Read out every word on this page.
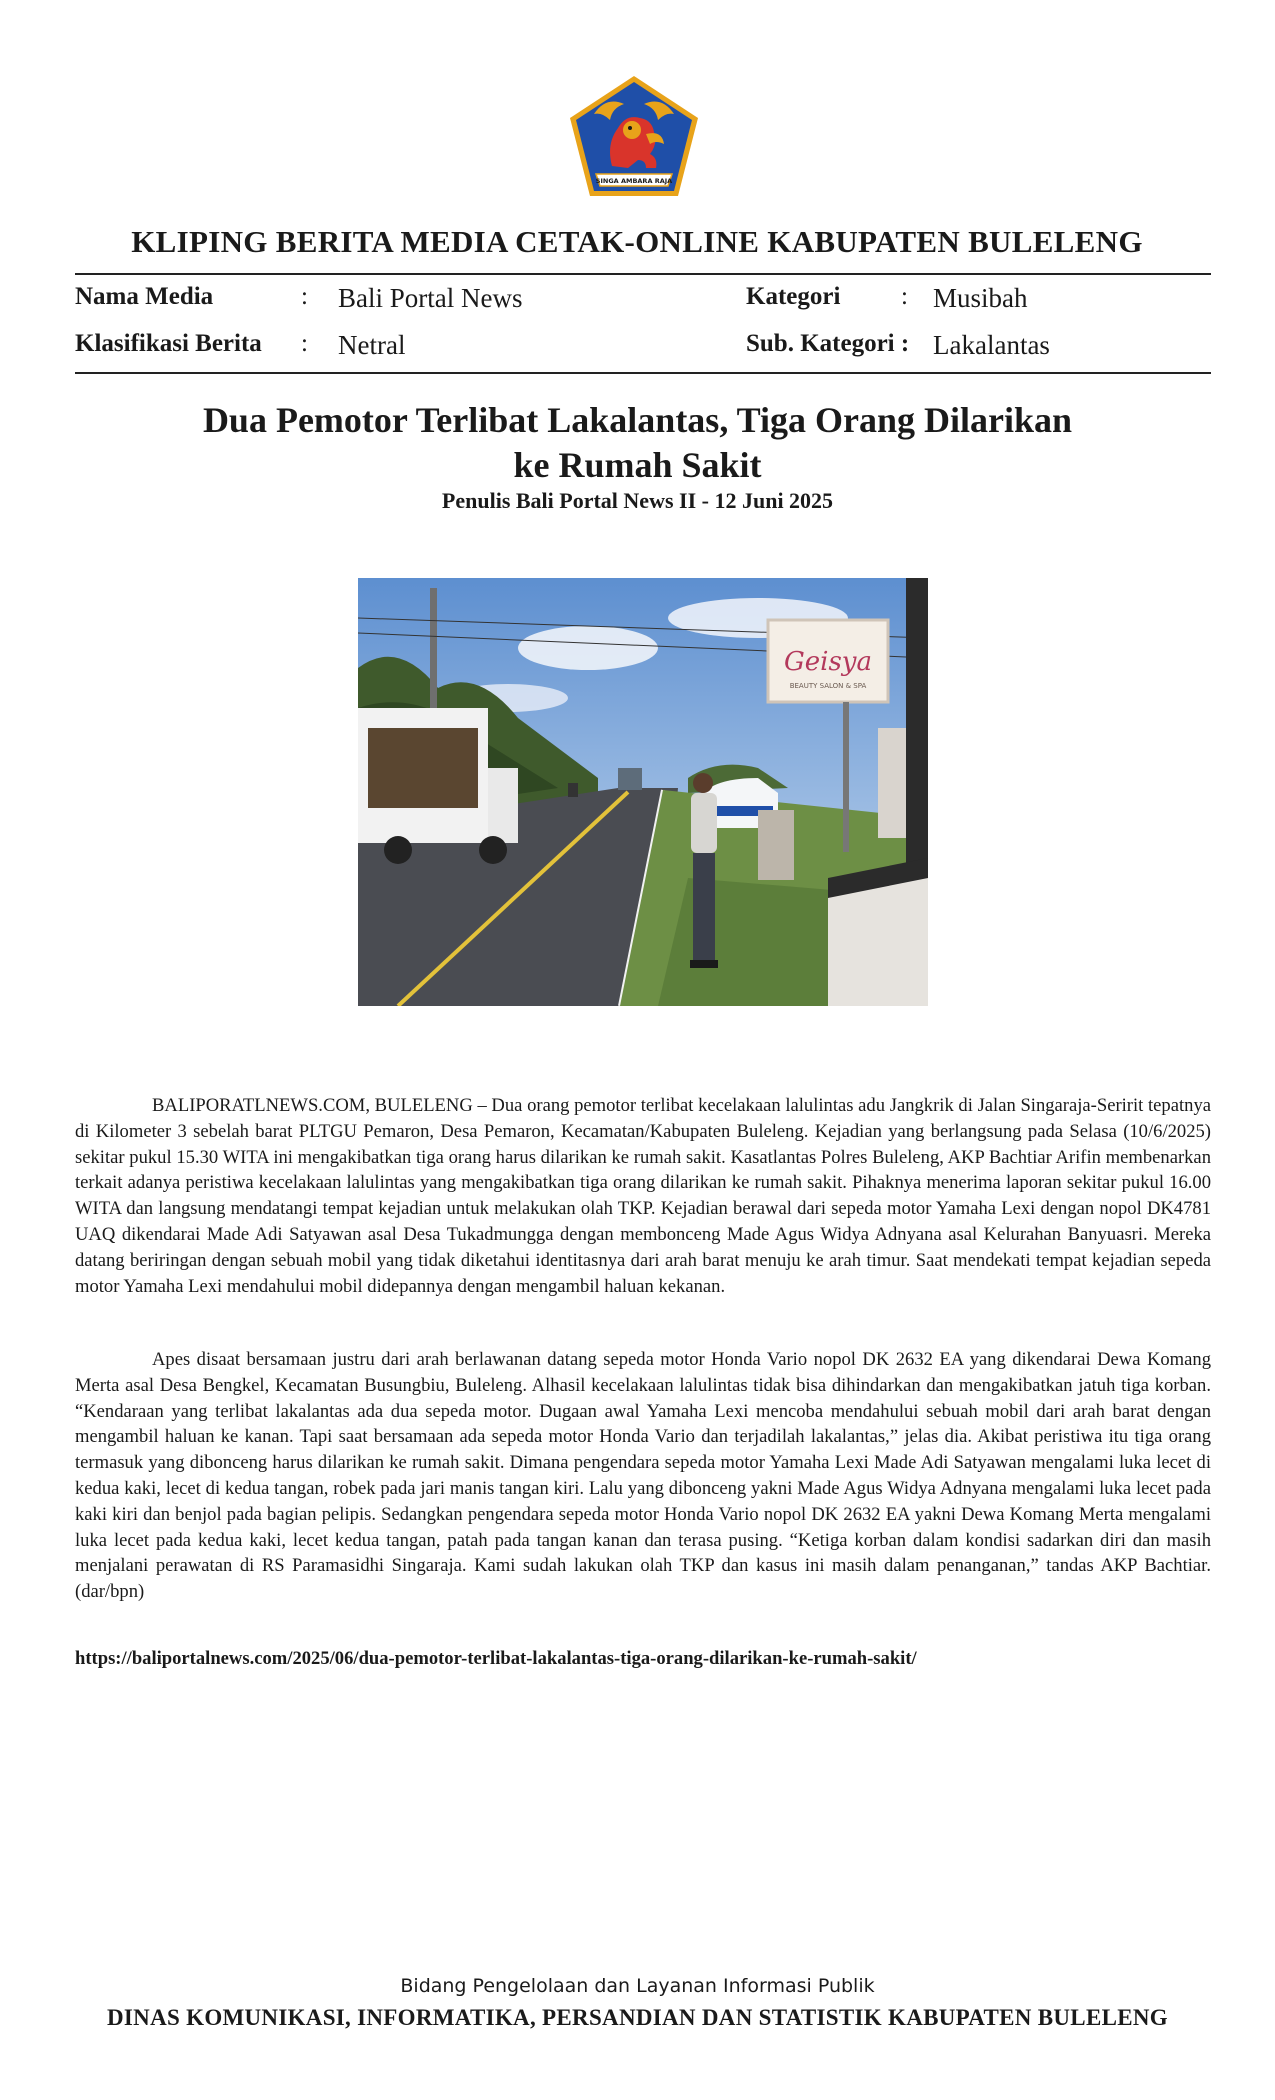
SINGA AMBARA RAJA
KLIPING BERITA MEDIA CETAK-ONLINE KABUPATEN BULELENG
Nama Media	: Bali Portal News	Kategori : Musibah
Klasifikasi Berita : Netral	Sub. Kategori : Lakalantas
Dua Pemotor Terlibat Lakalantas, Tiga Orang Dilarikan
ke Rumah Sakit
Penulis Bali Portal News II - 12 Juni 2025
Geisya
BEAUTY SALON & SPA

BALIPORATLNEWS.COM, BULELENG – Dua orang pemotor terlibat kecelakaan lalulintas adu Jangkrik di Jalan Singaraja-Seririt tepatnya di Kilometer 3 sebelah barat PLTGU Pemaron, Desa Pemaron, Kecamatan/Kabupaten Buleleng. Kejadian yang berlangsung pada Selasa (10/6/2025) sekitar pukul 15.30 WITA ini mengakibatkan tiga orang harus dilarikan ke rumah sakit. Kasatlantas Polres Buleleng, AKP Bachtiar Arifin membenarkan terkait adanya peristiwa kecelakaan lalulintas yang mengakibatkan tiga orang dilarikan ke rumah sakit. Pihaknya menerima laporan sekitar pukul 16.00 WITA dan langsung mendatangi tempat kejadian untuk melakukan olah TKP. Kejadian berawal dari sepeda motor Yamaha Lexi dengan nopol DK4781 UAQ dikendarai Made Adi Satyawan asal Desa Tukadmungga dengan membonceng Made Agus Widya Adnyana asal Kelurahan Banyuasri. Mereka datang beriringan dengan sebuah mobil yang tidak diketahui identitasnya dari arah barat menuju ke arah timur. Saat mendekati tempat kejadian sepeda motor Yamaha Lexi mendahului mobil didepannya dengan mengambil haluan kekanan.

Apes disaat bersamaan justru dari arah berlawanan datang sepeda motor Honda Vario nopol DK 2632 EA yang dikendarai Dewa Komang Merta asal Desa Bengkel, Kecamatan Busungbiu, Buleleng. Alhasil kecelakaan lalulintas tidak bisa dihindarkan dan mengakibatkan jatuh tiga korban. “Kendaraan yang terlibat lakalantas ada dua sepeda motor. Dugaan awal Yamaha Lexi mencoba mendahului sebuah mobil dari arah barat dengan mengambil haluan ke kanan. Tapi saat bersamaan ada sepeda motor Honda Vario dan terjadilah lakalantas,” jelas dia. Akibat peristiwa itu tiga orang termasuk yang dibonceng harus dilarikan ke rumah sakit. Dimana pengendara sepeda motor Yamaha Lexi Made Adi Satyawan mengalami luka lecet di kedua kaki, lecet di kedua tangan, robek pada jari manis tangan kiri. Lalu yang dibonceng yakni Made Agus Widya Adnyana mengalami luka lecet pada kaki kiri dan benjol pada bagian pelipis. Sedangkan pengendara sepeda motor Honda Vario nopol DK 2632 EA yakni Dewa Komang Merta mengalami luka lecet pada kedua kaki, lecet kedua tangan, patah pada tangan kanan dan terasa pusing. “Ketiga korban dalam kondisi sadarkan diri dan masih menjalani perawatan di RS Paramasidhi Singaraja. Kami sudah lakukan olah TKP dan kasus ini masih dalam penanganan,” tandas AKP Bachtiar. (dar/bpn)

https://baliportalnews.com/2025/06/dua-pemotor-terlibat-lakalantas-tiga-orang-dilarikan-ke-rumah-sakit/
Bidang Pengelolaan dan Layanan Informasi Publik
DINAS KOMUNIKASI, INFORMATIKA, PERSANDIAN DAN STATISTIK KABUPATEN BULELENG
